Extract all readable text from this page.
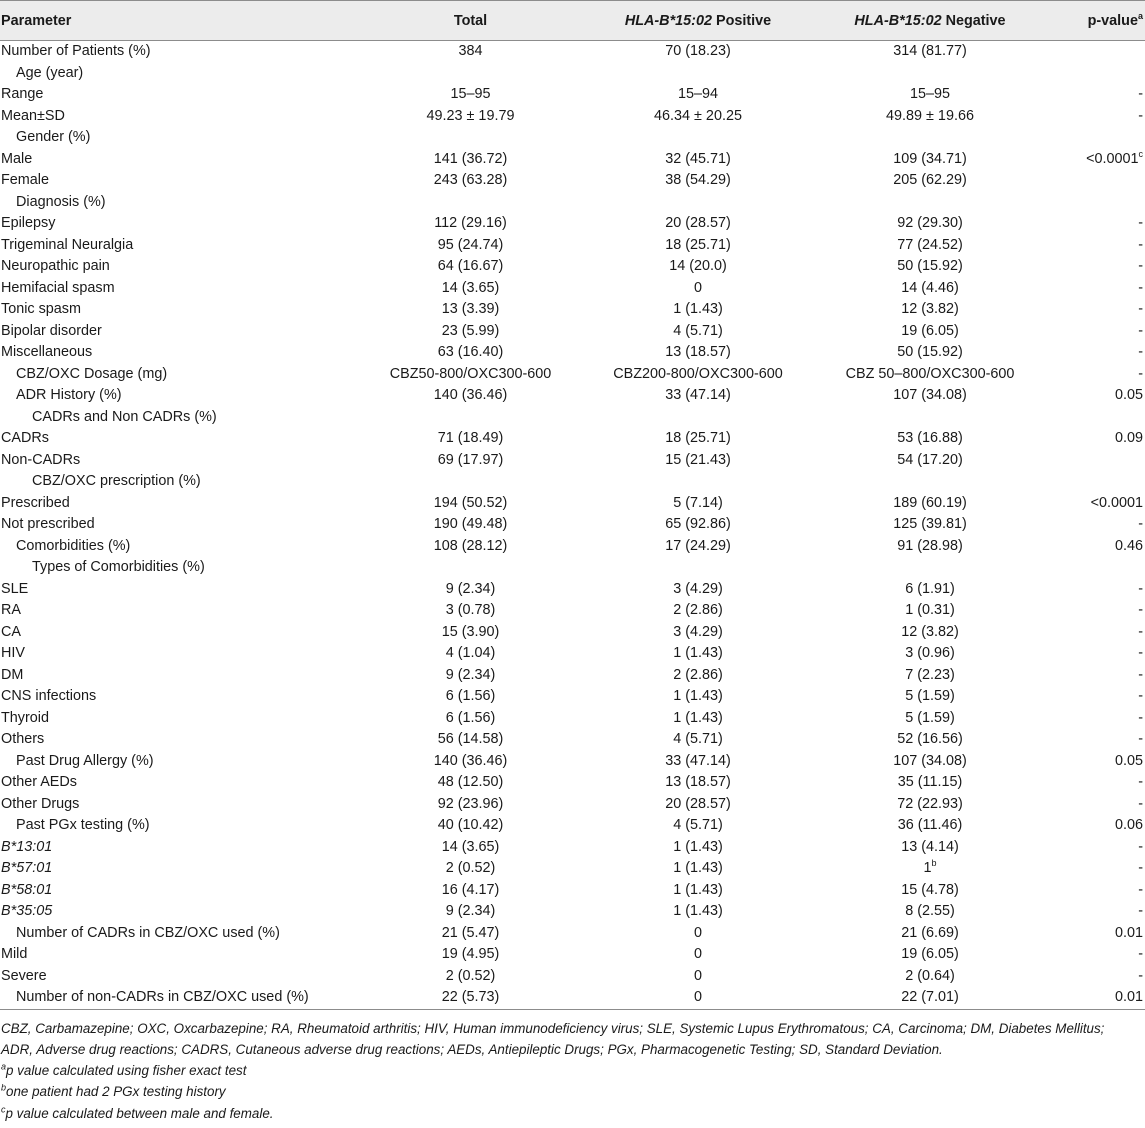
Parameter	Total	HLA-B*15:02 Positive	HLA-B*15:02 Negative	p-value$^a$
Number of Patients (%)	384	70 (18.23)	314 (81.77)	
Age (year)				
Range	15–95	15–94	15–95	-
Mean±SD	49.23 ± 19.79	46.34 ± 20.25	49.89 ± 19.66	-
Gender (%)				
Male	141 (36.72)	32 (45.71)	109 (34.71)	<0.0001$^c$
Female	243 (63.28)	38 (54.29)	205 (62.29)	
Diagnosis (%)				
Epilepsy	112 (29.16)	20 (28.57)	92 (29.30)	-
Trigeminal Neuralgia	95 (24.74)	18 (25.71)	77 (24.52)	-
Neuropathic pain	64 (16.67)	14 (20.0)	50 (15.92)	-
Hemifacial spasm	14 (3.65)	0	14 (4.46)	-
Tonic spasm	13 (3.39)	1 (1.43)	12 (3.82)	-
Bipolar disorder	23 (5.99)	4 (5.71)	19 (6.05)	-
Miscellaneous	63 (16.40)	13 (18.57)	50 (15.92)	-
CBZ/OXC Dosage (mg)	CBZ50-800/OXC300-600	CBZ200-800/OXC300-600	CBZ 50–800/OXC300-600	-
ADR History (%)	140 (36.46)	33 (47.14)	107 (34.08)	0.05
CADRs and Non CADRs (%)				
CADRs	71 (18.49)	18 (25.71)	53 (16.88)	0.09
Non-CADRs	69 (17.97)	15 (21.43)	54 (17.20)	
CBZ/OXC prescription (%)				
Prescribed	194 (50.52)	5 (7.14)	189 (60.19)	<0.0001
Not prescribed	190 (49.48)	65 (92.86)	125 (39.81)	-
Comorbidities (%)	108 (28.12)	17 (24.29)	91 (28.98)	0.46
Types of Comorbidities (%)				
SLE	9 (2.34)	3 (4.29)	6 (1.91)	-
RA	3 (0.78)	2 (2.86)	1 (0.31)	-
CA	15 (3.90)	3 (4.29)	12 (3.82)	-
HIV	4 (1.04)	1 (1.43)	3 (0.96)	-
DM	9 (2.34)	2 (2.86)	7 (2.23)	-
CNS infections	6 (1.56)	1 (1.43)	5 (1.59)	-
Thyroid	6 (1.56)	1 (1.43)	5 (1.59)	-
Others	56 (14.58)	4 (5.71)	52 (16.56)	-
Past Drug Allergy (%)	140 (36.46)	33 (47.14)	107 (34.08)	0.05
Other AEDs	48 (12.50)	13 (18.57)	35 (11.15)	-
Other Drugs	92 (23.96)	20 (28.57)	72 (22.93)	-
Past PGx testing (%)	40 (10.42)	4 (5.71)	36 (11.46)	0.06
B*13:01	14 (3.65)	1 (1.43)	13 (4.14)	-
B*57:01	2 (0.52)	1 (1.43)	1$^b$	-
B*58:01	16 (4.17)	1 (1.43)	15 (4.78)	-
B*35:05	9 (2.34)	1 (1.43)	8 (2.55)	-
Number of CADRs in CBZ/OXC used (%)	21 (5.47)	0	21 (6.69)	0.01
Mild	19 (4.95)	0	19 (6.05)	-
Severe	2 (0.52)	0	2 (0.64)	-
Number of non-CADRs in CBZ/OXC used (%)	22 (5.73)	0	22 (7.01)	0.01
CBZ, Carbamazepine; OXC, Oxcarbazepine; RA, Rheumatoid arthritis; HIV, Human immunodeficiency virus; SLE, Systemic Lupus Erythromatous; CA, Carcinoma; DM, Diabetes Mellitus;
ADR, Adverse drug reactions; CADRS, Cutaneous adverse drug reactions; AEDs, Antiepileptic Drugs; PGx, Pharmacogenetic Testing; SD, Standard Deviation.
$^a$p value calculated using fisher exact test
$^b$one patient had 2 PGx testing history
$^c$p value calculated between male and female.
